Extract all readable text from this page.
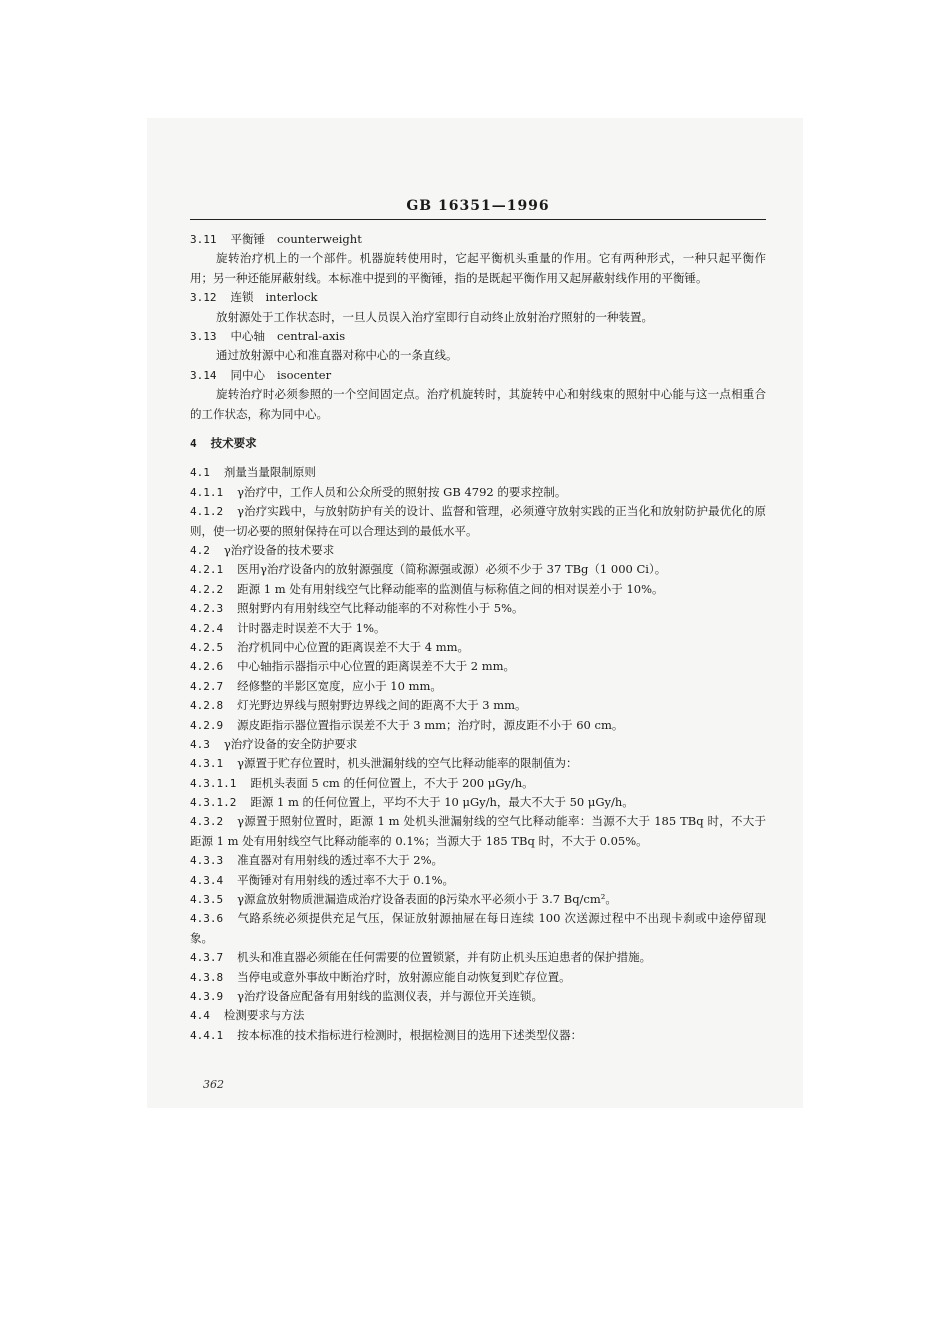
GB 16351—1996
3.11 平衡锤 counterweight
旋转治疗机上的一个部件。机器旋转使用时，它起平衡机头重量的作用。它有两种形式，一种只起平衡作用；另一种还能屏蔽射线。本标准中提到的平衡锤，指的是既起平衡作用又起屏蔽射线作用的平衡锤。
3.12 连锁 interlock
放射源处于工作状态时，一旦人员误入治疗室即行自动终止放射治疗照射的一种装置。
3.13 中心轴 central-axis
通过放射源中心和准直器对称中心的一条直线。
3.14 同中心 isocenter
旋转治疗时必须参照的一个空间固定点。治疗机旋转时，其旋转中心和射线束的照射中心能与这一点相重合的工作状态，称为同中心。
4 技术要求
4.1 剂量当量限制原则
4.1.1 γ治疗中，工作人员和公众所受的照射按 GB 4792 的要求控制。
4.1.2 γ治疗实践中，与放射防护有关的设计、监督和管理，必须遵守放射实践的正当化和放射防护最优化的原则，使一切必要的照射保持在可以合理达到的最低水平。
4.2 γ治疗设备的技术要求
4.2.1 医用γ治疗设备内的放射源强度（简称源强或源）必须不少于 37 TBg（1 000 Ci）。
4.2.2 距源 1 m 处有用射线空气比释动能率的监测值与标称值之间的相对误差小于 10%。
4.2.3 照射野内有用射线空气比释动能率的不对称性小于 5%。
4.2.4 计时器走时误差不大于 1%。
4.2.5 治疗机同中心位置的距离误差不大于 4 mm。
4.2.6 中心轴指示器指示中心位置的距离误差不大于 2 mm。
4.2.7 经修整的半影区宽度，应小于 10 mm。
4.2.8 灯光野边界线与照射野边界线之间的距离不大于 3 mm。
4.2.9 源皮距指示器位置指示误差不大于 3 mm；治疗时，源皮距不小于 60 cm。
4.3 γ治疗设备的安全防护要求
4.3.1 γ源置于贮存位置时，机头泄漏射线的空气比释动能率的限制值为：
4.3.1.1 距机头表面 5 cm 的任何位置上，不大于 200 μGy/h。
4.3.1.2 距源 1 m 的任何位置上，平均不大于 10 μGy/h，最大不大于 50 μGy/h。
4.3.2 γ源置于照射位置时，距源 1 m 处机头泄漏射线的空气比释动能率：当源不大于 185 TBq 时，不大于距源 1 m 处有用射线空气比释动能率的 0.1%；当源大于 185 TBq 时，不大于 0.05%。
4.3.3 准直器对有用射线的透过率不大于 2%。
4.3.4 平衡锤对有用射线的透过率不大于 0.1%。
4.3.5 γ源盒放射物质泄漏造成治疗设备表面的β污染水平必须小于 3.7 Bq/cm²。
4.3.6 气路系统必须提供充足气压，保证放射源抽屉在每日连续 100 次送源过程中不出现卡刹或中途停留现象。
4.3.7 机头和准直器必须能在任何需要的位置锁紧，并有防止机头压迫患者的保护措施。
4.3.8 当停电或意外事故中断治疗时，放射源应能自动恢复到贮存位置。
4.3.9 γ治疗设备应配备有用射线的监测仪表，并与源位开关连锁。
4.4 检测要求与方法
4.4.1 按本标准的技术指标进行检测时，根据检测目的选用下述类型仪器：
362
